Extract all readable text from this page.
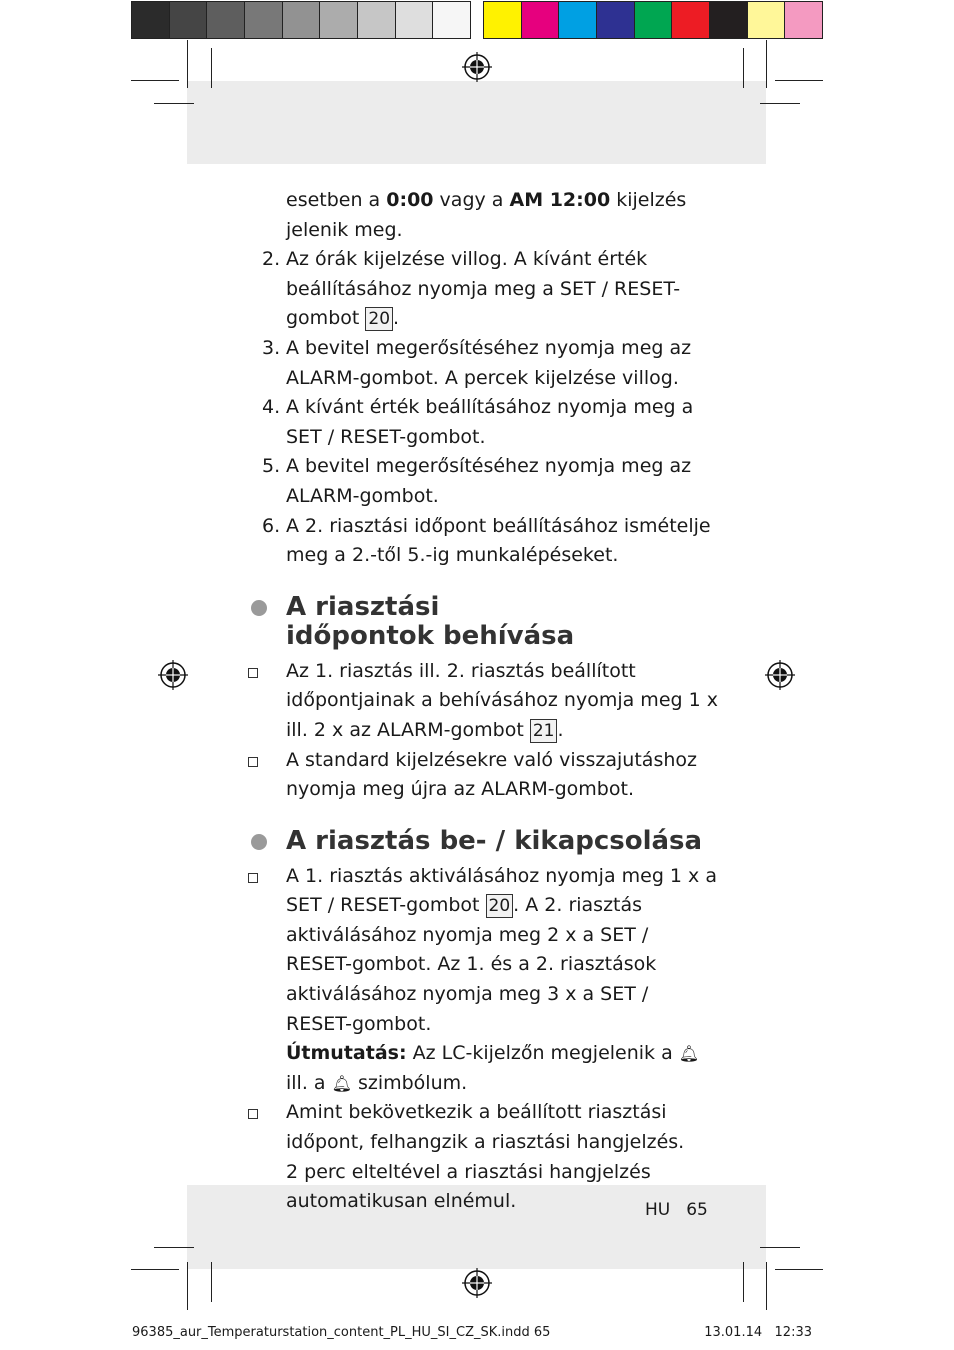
esetben a 0:00 vagy a AM 12:00 kijelzés jelenik meg.

2. Az órák kijelzése villog. A kívánt érték beállításához nyomja meg a SET / RESET-gombot 20 .
3. A bevitel megerősítéséhez nyomja meg az ALARM-gombot. A percek kijelzése villog.
4. A kívánt érték beállításához nyomja meg a SET / RESET-gombot.
5. A bevitel megerősítéséhez nyomja meg az ALARM-gombot.
6. A 2. riasztási időpont beállításához ismételje meg a 2.-től 5.-ig munkalépéseket.
A riasztási
időpontok behívása
Az 1. riasztás ill. 2. riasztás beállított időpontjainak a behívásához nyomja meg 1 x ill. 2 x az ALARM-gombot 21 .
A standard kijelzésekre való visszajutáshoz nyomja meg újra az ALARM-gombot.
A riasztás be- / kikapcsolása
A 1. riasztás aktiválásához nyomja meg 1 x a SET / RESET-gombot 20 . A 2. riasztás aktiválásához nyomja meg 2 x a SET / RESET-gombot. Az 1. és a 2. riasztások aktiválásához nyomja meg 3 x a SET / RESET-gombot.
Útmutatás: Az LC-kijelzőn megjelenik a 🔔︎ ill. a 🔔︎ szimbólum.
Amint bekövetkezik a beállított riasztási időpont, felhangzik a riasztási hangjelzés.
2 perc elteltével a riasztási hangjelzés automatikusan elnémul.	HU 65
96385_aur_Temperaturstation_content_PL_HU_SI_CZ_SK.indd 65	13.01.14 12:33
